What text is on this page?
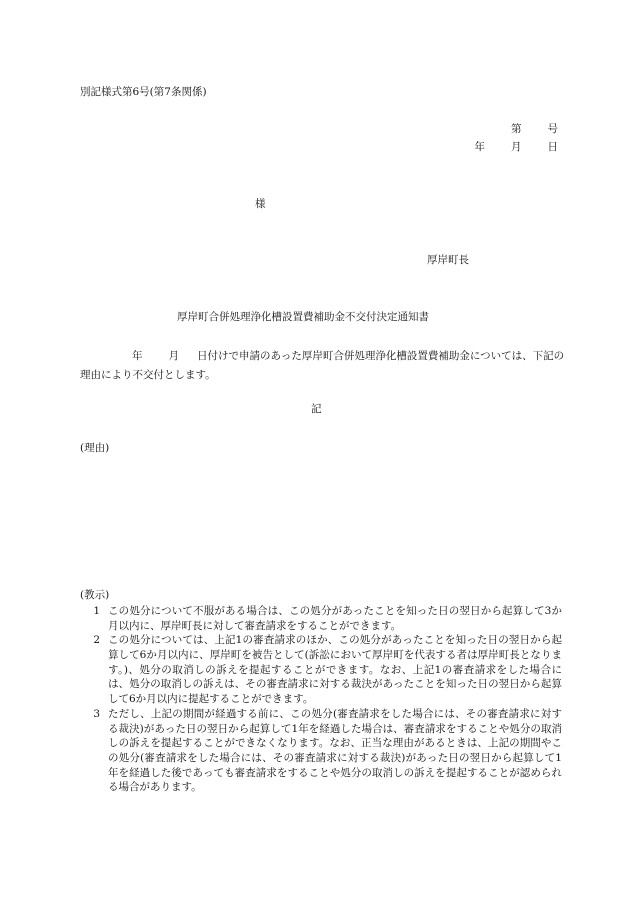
別記様式第6号(第7条関係)
第 号
年 月 日
様
厚岸町長
厚岸町合併処理浄化槽設置費補助金不交付決定通知書
年 月 日付けで申請のあった厚岸町合併処理浄化槽設置費補助金については、下記の理由により不交付とします。
記
(理由)
(教示)
1 この処分について不服がある場合は、この処分があったことを知った日の翌日から起算して3か月以内に、厚岸町長に対して審査請求をすることができます。
2 この処分については、上記1の審査請求のほか、この処分があったことを知った日の翌日から起算して6か月以内に、厚岸町を被告として(訴訟において厚岸町を代表する者は厚岸町長となります。)、処分の取消しの訴えを提起することができます。なお、上記1の審査請求をした場合には、処分の取消しの訴えは、その審査請求に対する裁決があったことを知った日の翌日から起算して6か月以内に提起することができます。
3 ただし、上記の期間が経過する前に、この処分(審査請求をした場合には、その審査請求に対する裁決)があった日の翌日から起算して1年を経過した場合は、審査請求をすることや処分の取消しの訴えを提起することができなくなります。なお、正当な理由があるときは、上記の期間やこの処分(審査請求をした場合には、その審査請求に対する裁決)があった日の翌日から起算して1年を経過した後であっても審査請求をすることや処分の取消しの訴えを提起することが認められる場合があります。
